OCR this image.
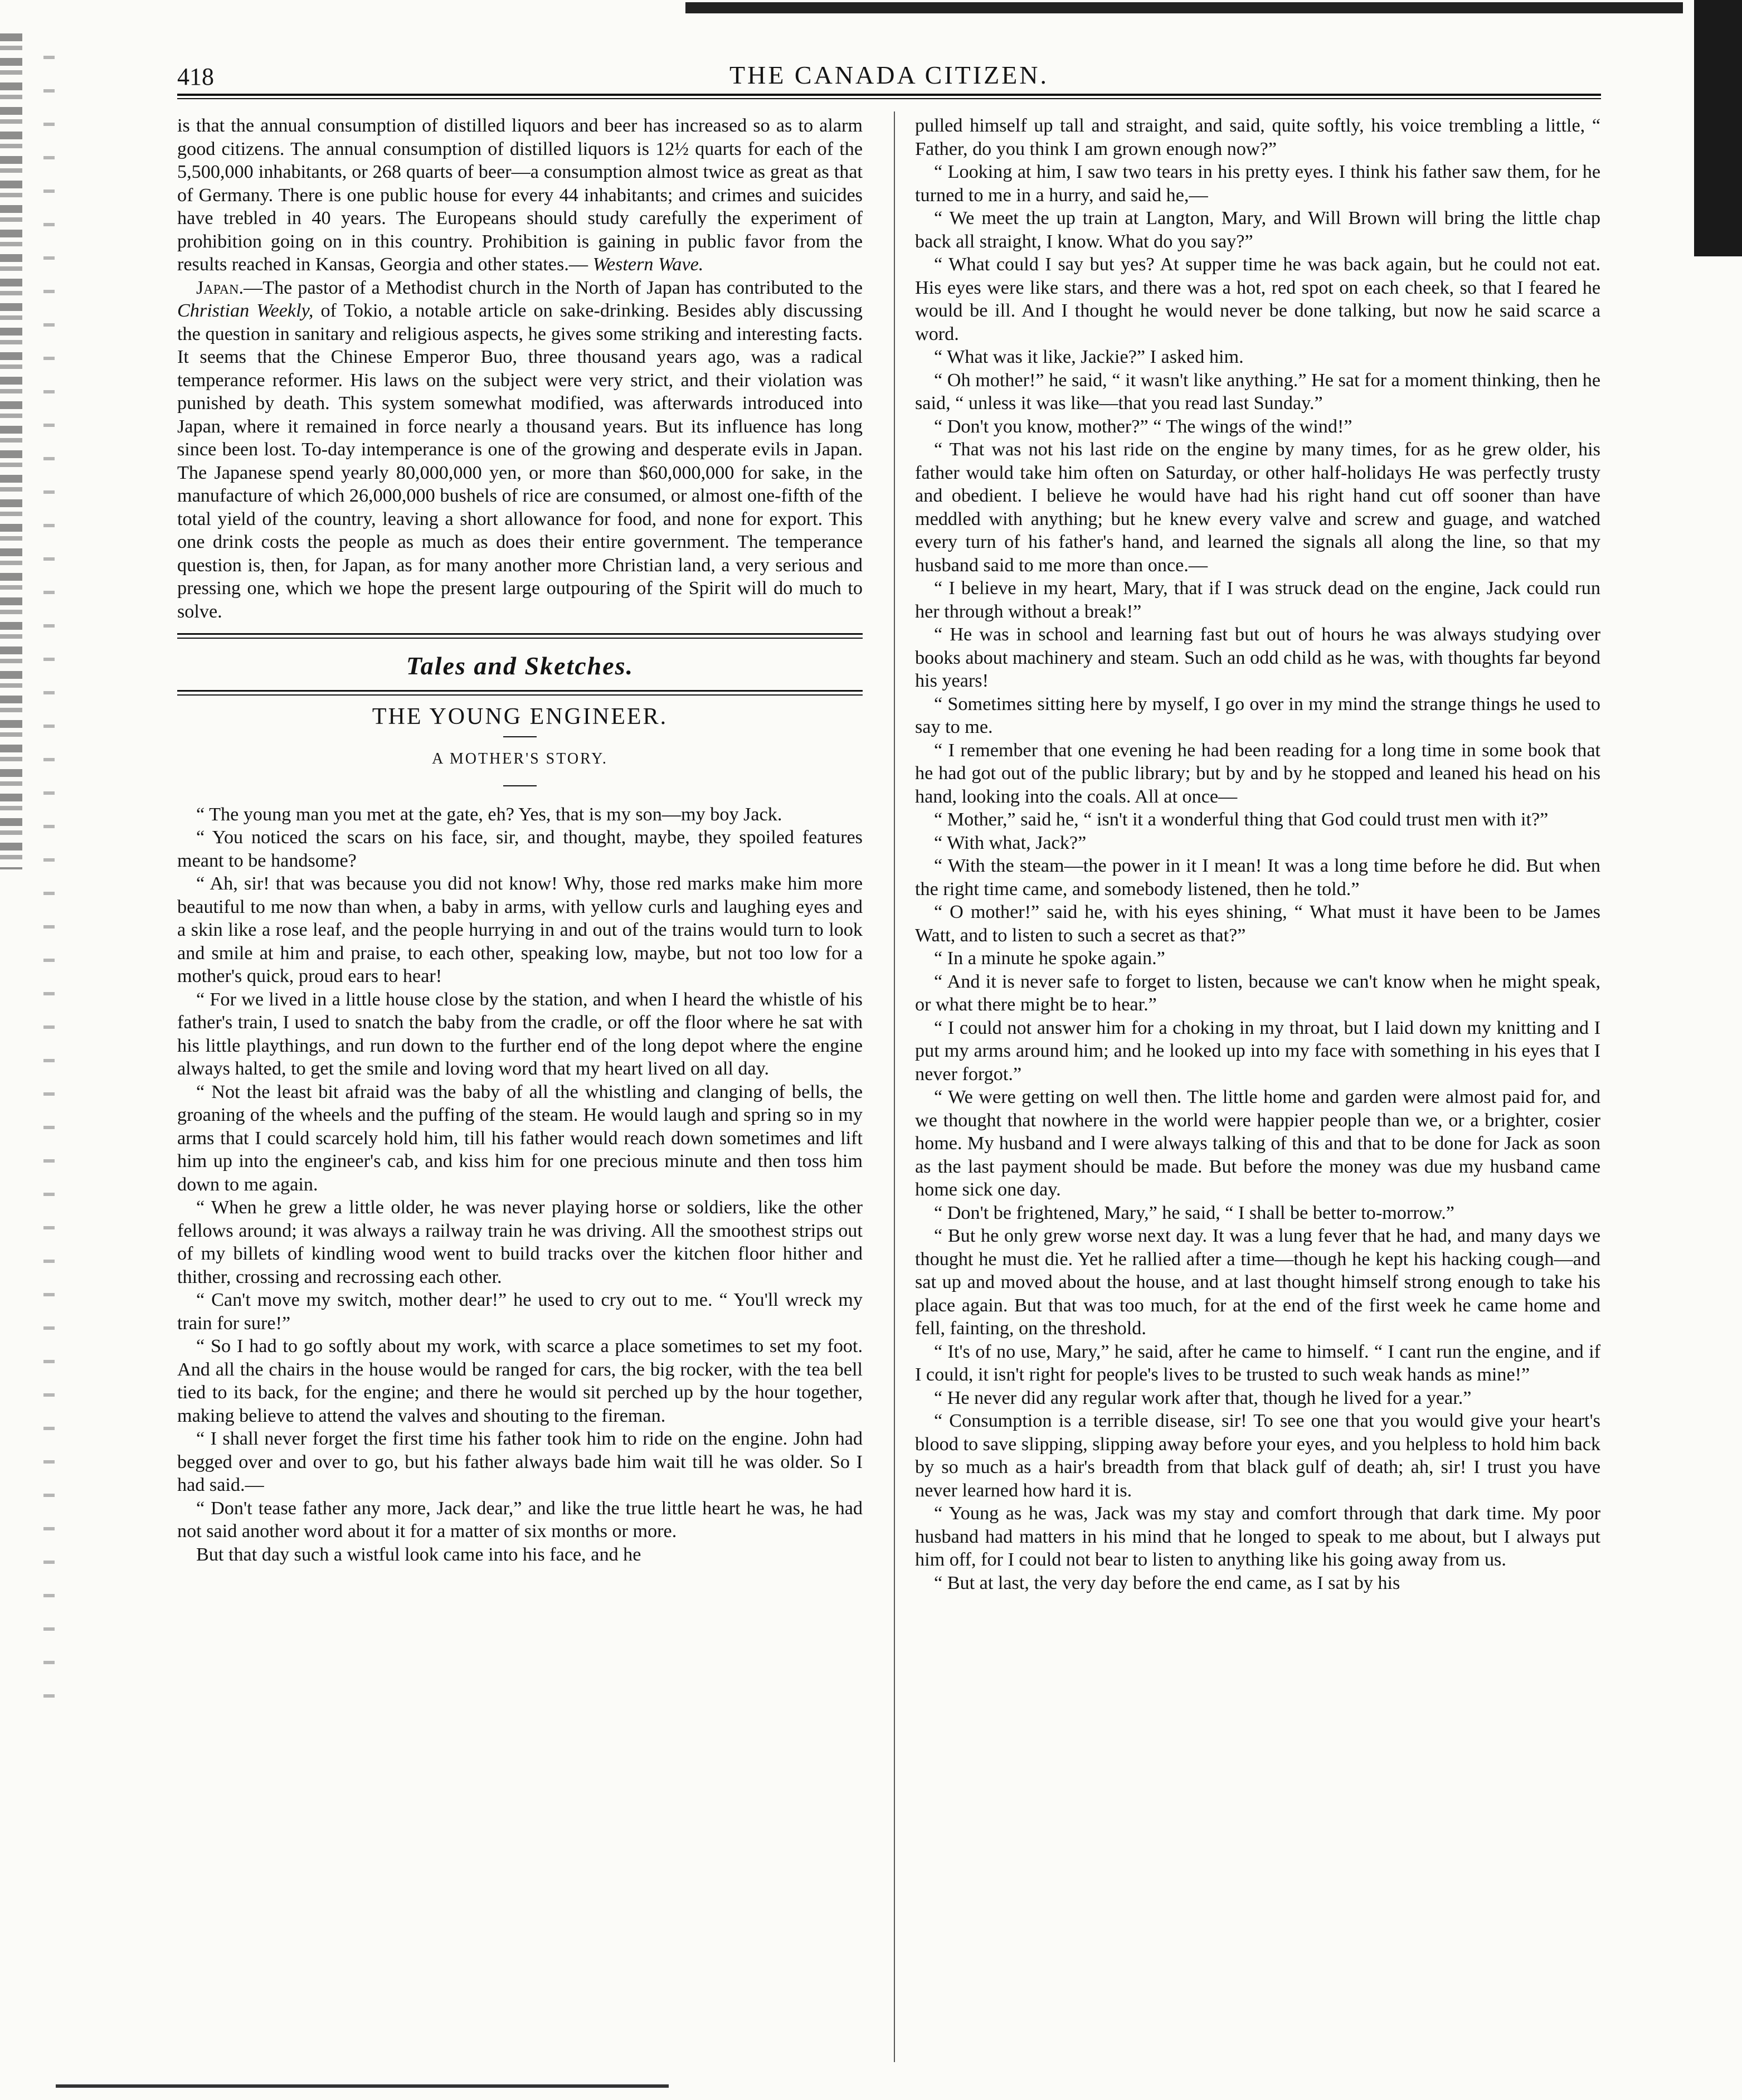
418	THE CANADA CITIZEN.

is that the annual consumption of distilled liquors and beer has increased so as to alarm good citizens. The annual consumption of distilled liquors is 12½ quarts for each of the 5,500,000 inhabitants, or 268 quarts of beer—a consumption almost twice as great as that of Germany. There is one public house for every 44 inhabitants; and crimes and suicides have trebled in 40 years. The Europeans should study carefully the experiment of prohibition going on in this country. Prohibition is gaining in public favor from the results reached in Kansas, Georgia and other states.— Western Wave.

Japan.—The pastor of a Methodist church in the North of Japan has contributed to the Christian Weekly, of Tokio, a notable article on sake-drinking. Besides ably discussing the question in sanitary and religious aspects, he gives some striking and interesting facts. It seems that the Chinese Emperor Buo, three thousand years ago, was a radical temperance reformer. His laws on the subject were very strict, and their violation was punished by death. This system somewhat modified, was afterwards introduced into Japan, where it remained in force nearly a thousand years. But its influence has long since been lost. To-day intemperance is one of the growing and desperate evils in Japan. The Japanese spend yearly 80,000,000 yen, or more than $60,000,000 for sake, in the manufacture of which 26,000,000 bushels of rice are consumed, or almost one-fifth of the total yield of the country, leaving a short allowance for food, and none for export. This one drink costs the people as much as does their entire government. The temperance question is, then, for Japan, as for many another more Christian land, a very serious and pressing one, which we hope the present large outpouring of the Spirit will do much to solve.

Tales and Sketches.
THE YOUNG ENGINEER.
A MOTHER'S STORY.

“ The young man you met at the gate, eh? Yes, that is my son—my boy Jack.

“ You noticed the scars on his face, sir, and thought, maybe, they spoiled features meant to be handsome?

“ Ah, sir! that was because you did not know! Why, those red marks make him more beautiful to me now than when, a baby in arms, with yellow curls and laughing eyes and a skin like a rose leaf, and the people hurrying in and out of the trains would turn to look and smile at him and praise, to each other, speaking low, maybe, but not too low for a mother's quick, proud ears to hear!

“ For we lived in a little house close by the station, and when I heard the whistle of his father's train, I used to snatch the baby from the cradle, or off the floor where he sat with his little playthings, and run down to the further end of the long depot where the engine always halted, to get the smile and loving word that my heart lived on all day.

“ Not the least bit afraid was the baby of all the whistling and clanging of bells, the groaning of the wheels and the puffing of the steam. He would laugh and spring so in my arms that I could scarcely hold him, till his father would reach down sometimes and lift him up into the engineer's cab, and kiss him for one precious minute and then toss him down to me again.

“ When he grew a little older, he was never playing horse or soldiers, like the other fellows around; it was always a railway train he was driving. All the smoothest strips out of my billets of kindling wood went to build tracks over the kitchen floor hither and thither, crossing and recrossing each other.

“ Can't move my switch, mother dear!” he used to cry out to me. “ You'll wreck my train for sure!”

“ So I had to go softly about my work, with scarce a place sometimes to set my foot. And all the chairs in the house would be ranged for cars, the big rocker, with the tea bell tied to its back, for the engine; and there he would sit perched up by the hour together, making believe to attend the valves and shouting to the fireman.

“ I shall never forget the first time his father took him to ride on the engine. John had begged over and over to go, but his father always bade him wait till he was older. So I had said.—

“ Don't tease father any more, Jack dear,” and like the true little heart he was, he had not said another word about it for a matter of six months or more.

But that day such a wistful look came into his face, and he

pulled himself up tall and straight, and said, quite softly, his voice trembling a little, “ Father, do you think I am grown enough now?”

“ Looking at him, I saw two tears in his pretty eyes. I think his father saw them, for he turned to me in a hurry, and said he,—

“ We meet the up train at Langton, Mary, and Will Brown will bring the little chap back all straight, I know. What do you say?”

“ What could I say but yes? At supper time he was back again, but he could not eat. His eyes were like stars, and there was a hot, red spot on each cheek, so that I feared he would be ill. And I thought he would never be done talking, but now he said scarce a word.

“ What was it like, Jackie?” I asked him.

“ Oh mother!” he said, “ it wasn't like anything.” He sat for a moment thinking, then he said, “ unless it was like—that you read last Sunday.”

“ Don't you know, mother?” “ The wings of the wind!”

“ That was not his last ride on the engine by many times, for as he grew older, his father would take him often on Saturday, or other half-holidays He was perfectly trusty and obedient. I believe he would have had his right hand cut off sooner than have meddled with anything; but he knew every valve and screw and guage, and watched every turn of his father's hand, and learned the signals all along the line, so that my husband said to me more than once.—

“ I believe in my heart, Mary, that if I was struck dead on the engine, Jack could run her through without a break!”

“ He was in school and learning fast but out of hours he was always studying over books about machinery and steam. Such an odd child as he was, with thoughts far beyond his years!

“ Sometimes sitting here by myself, I go over in my mind the strange things he used to say to me.

“ I remember that one evening he had been reading for a long time in some book that he had got out of the public library; but by and by he stopped and leaned his head on his hand, looking into the coals. All at once—

“ Mother,” said he, “ isn't it a wonderful thing that God could trust men with it?”

“ With what, Jack?”

“ With the steam—the power in it I mean! It was a long time before he did. But when the right time came, and somebody listened, then he told.”

“ O mother!” said he, with his eyes shining, “ What must it have been to be James Watt, and to listen to such a secret as that?”

“ In a minute he spoke again.”

“ And it is never safe to forget to listen, because we can't know when he might speak, or what there might be to hear.”

“ I could not answer him for a choking in my throat, but I laid down my knitting and I put my arms around him; and he looked up into my face with something in his eyes that I never forgot.”

“ We were getting on well then. The little home and garden were almost paid for, and we thought that nowhere in the world were happier people than we, or a brighter, cosier home. My husband and I were always talking of this and that to be done for Jack as soon as the last payment should be made. But before the money was due my husband came home sick one day.

“ Don't be frightened, Mary,” he said, “ I shall be better to-morrow.”

“ But he only grew worse next day. It was a lung fever that he had, and many days we thought he must die. Yet he rallied after a time—though he kept his hacking cough—and sat up and moved about the house, and at last thought himself strong enough to take his place again. But that was too much, for at the end of the first week he came home and fell, fainting, on the threshold.

“ It's of no use, Mary,” he said, after he came to himself. “ I cant run the engine, and if I could, it isn't right for people's lives to be trusted to such weak hands as mine!”

“ He never did any regular work after that, though he lived for a year.”

“ Consumption is a terrible disease, sir! To see one that you would give your heart's blood to save slipping, slipping away before your eyes, and you helpless to hold him back by so much as a hair's breadth from that black gulf of death; ah, sir! I trust you have never learned how hard it is.

“ Young as he was, Jack was my stay and comfort through that dark time. My poor husband had matters in his mind that he longed to speak to me about, but I always put him off, for I could not bear to listen to anything like his going away from us.

“ But at last, the very day before the end came, as I sat by his
